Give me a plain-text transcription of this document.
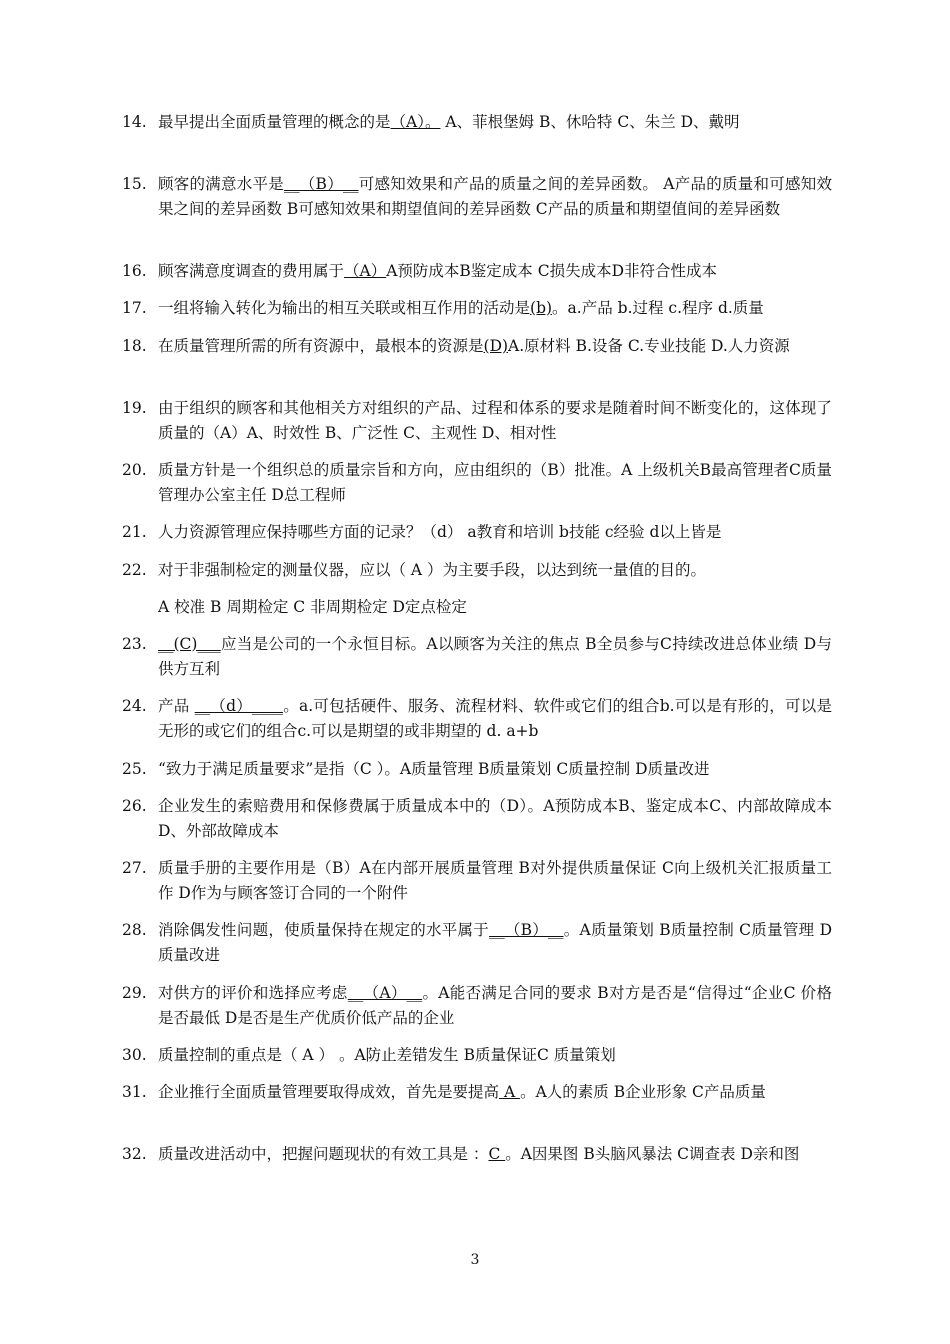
14. 最早提出全面质量管理的概念的是（A）。 A、菲根堡姆 B、休哈特 C、朱兰 D、戴明
15. 顾客的满意水平是__（B）__可感知效果和产品的质量之间的差异函数。 A产品的质量和可感知效果之间的差异函数 B可感知效果和期望值间的差异函数 C产品的质量和期望值间的差异函数
16. 顾客满意度调查的费用属于（A）A预防成本B鉴定成本 C损失成本D非符合性成本
17. 一组将输入转化为输出的相互关联或相互作用的活动是(b)。a.产品 b.过程 c.程序 d.质量
18. 在质量管理所需的所有资源中，最根本的资源是(D)A.原材料 B.设备 C.专业技能 D.人力资源
19. 由于组织的顾客和其他相关方对组织的产品、过程和体系的要求是随着时间不断变化的，这体现了质量的（A）A、时效性 B、广泛性 C、主观性 D、相对性
20. 质量方针是一个组织总的质量宗旨和方向，应由组织的（B）批准。A 上级机关B最高管理者C质量管理办公室主任 D总工程师
21. 人力资源管理应保持哪些方面的记录？（d） a教育和培训 b技能 c经验 d以上皆是
22. 对于非强制检定的测量仪器，应以（ A ）为主要手段，以达到统一量值的目的。
A 校准 B 周期检定 C 非周期检定 D定点检定
23. __(C)___应当是公司的一个永恒目标。A以顾客为关注的焦点 B全员参与C持续改进总体业绩 D与供方互利
24. 产品 __（d）____。a.可包括硬件、服务、流程材料、软件或它们的组合b.可以是有形的，可以是无形的或它们的组合c.可以是期望的或非期望的 d. a+b
25. “致力于满足质量要求”是指（C ）。A质量管理 B质量策划 C质量控制 D质量改进
26. 企业发生的索赔费用和保修费属于质量成本中的（D）。A预防成本B、鉴定成本C、内部故障成本D、外部故障成本
27. 质量手册的主要作用是（B）A在内部开展质量管理 B对外提供质量保证 C向上级机关汇报质量工作 D作为与顾客签订合同的一个附件
28. 消除偶发性问题，使质量保持在规定的水平属于__（B）__。A质量策划 B质量控制 C质量管理 D质量改进
29. 对供方的评价和选择应考虑__（A）__。A能否满足合同的要求 B对方是否是“信得过“企业C 价格是否最低 D是否是生产优质价低产品的企业
30. 质量控制的重点是（ A ） 。A防止差错发生 B质量保证C 质量策划
31. 企业推行全面质量管理要取得成效，首先是要提高 A 。A人的素质 B企业形象 C产品质量
32. 质量改进活动中，把握问题现状的有效工具是 ：C 。A因果图 B头脑风暴法 C调查表 D亲和图
3
